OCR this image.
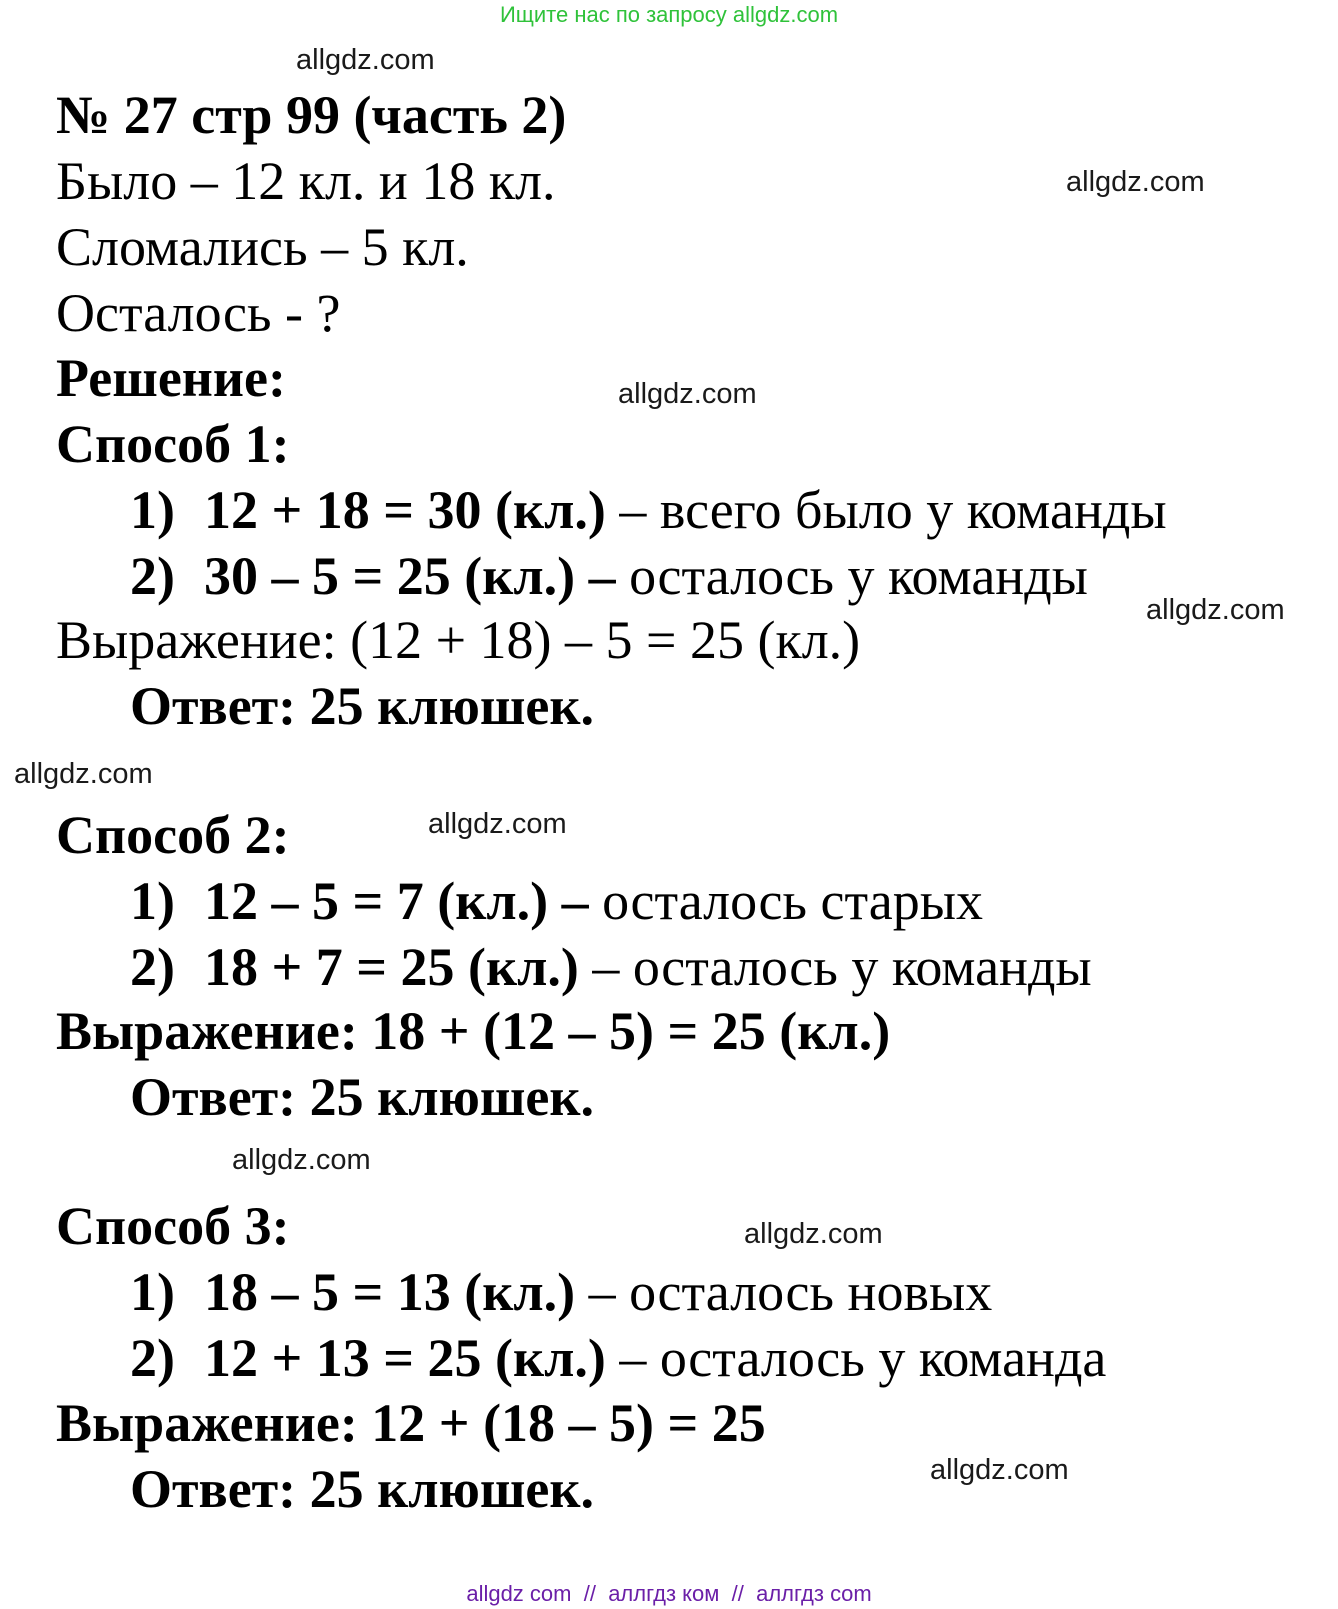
Ищите нас по запросу allgdz.com
allgdz.com
allgdz.com
allgdz.com
allgdz.com
allgdz.com
allgdz.com
allgdz.com
allgdz.com
allgdz.com
№ 27 стр 99 (часть 2)
Было – 12 кл. и 18 кл.
Сломались – 5 кл.
Осталось - ?
Решение:
Способ 1:
1) 12 + 18 = 30 (кл.) – всего было у команды
2) 30 – 5 = 25 (кл.) – осталось у команды
Выражение: (12 + 18) – 5 = 25 (кл.)
Ответ: 25 клюшек.
Способ 2:
1) 12 – 5 = 7 (кл.) – осталось старых
2) 18 + 7 = 25 (кл.) – осталось у команды
Выражение: 18 + (12 – 5) = 25 (кл.)
Ответ: 25 клюшек.
Способ 3:
1) 18 – 5 = 13 (кл.) – осталось новых
2) 12 + 13 = 25 (кл.) – осталось у команда
Выражение: 12 + (18 – 5) = 25
Ответ: 25 клюшек.
allgdz com // аллгдз ком // аллгдз com
